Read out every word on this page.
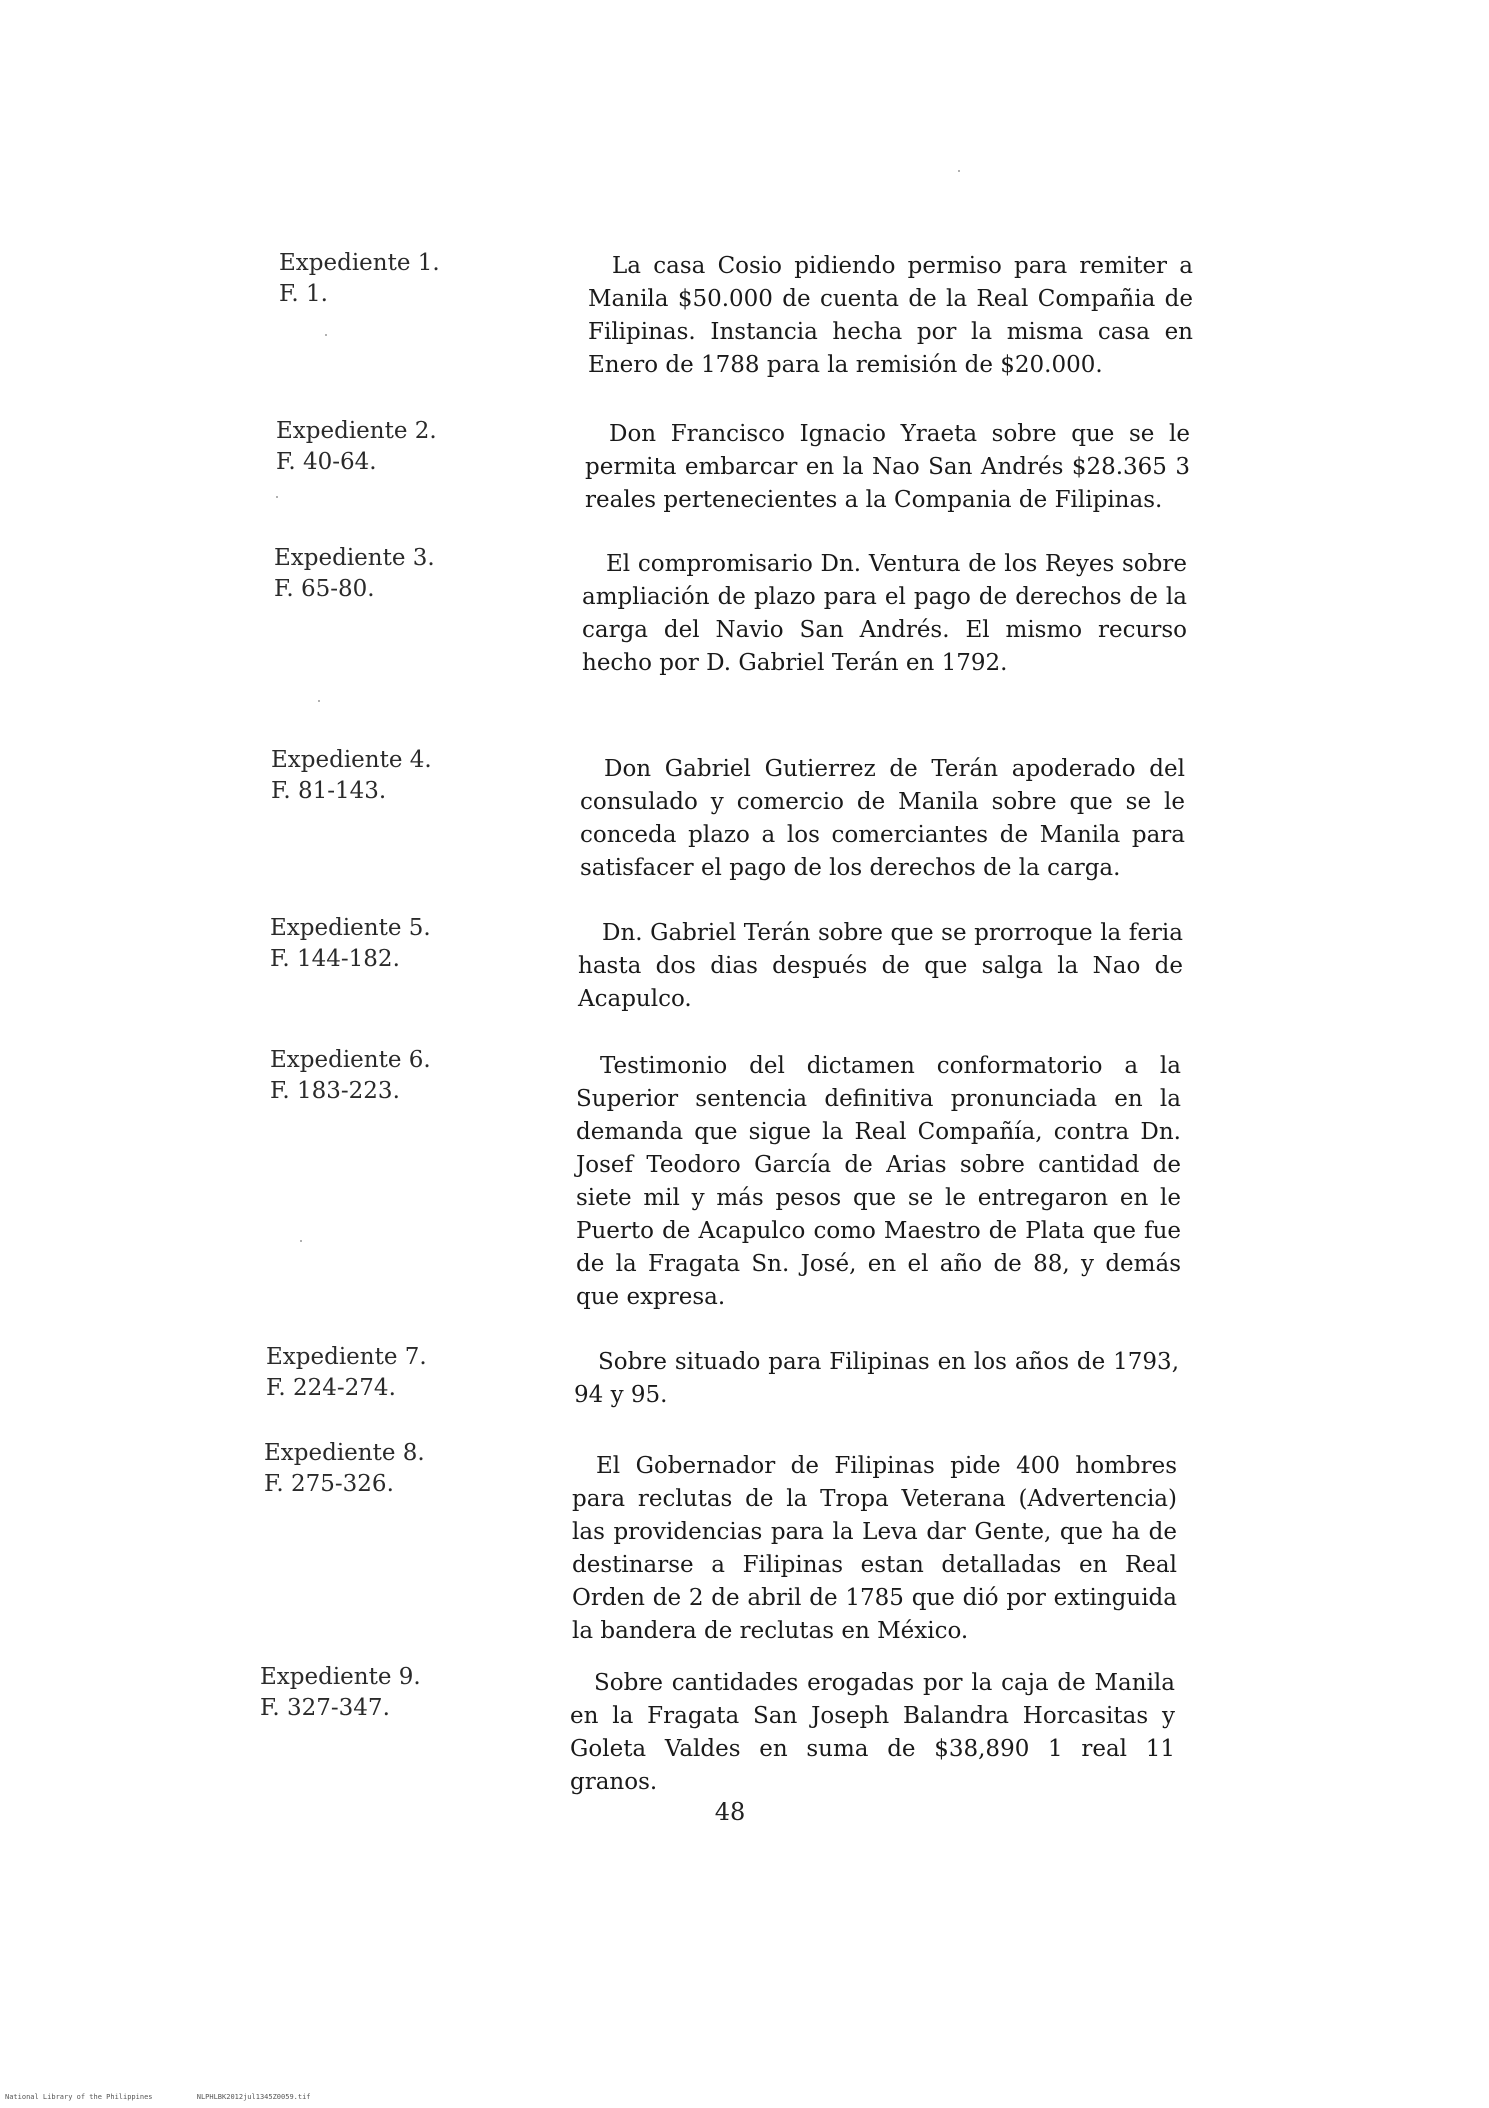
Expediente 1.
F. 1.

La casa Cosio pidiendo permiso para remiter a Manila $50.000 de cuenta de la Real Compañia de Filipinas. Instancia hecha por la misma casa en Enero de 1788 para la remisión de $20.000.

Expediente 2.
F. 40-64.

Don Francisco Ignacio Yraeta sobre que se le permita embarcar en la Nao San Andrés $28.365 3 reales pertenecientes a la Compania de Filipinas.

Expediente 3.
F. 65-80.

El compromisario Dn. Ventura de los Reyes sobre ampliación de plazo para el pago de derechos de la carga del Navio San Andrés. El mismo recurso hecho por D. Gabriel Terán en 1792.

Expediente 4.
F. 81-143.

Don Gabriel Gutierrez de Terán apoderado del consulado y comercio de Manila sobre que se le conceda plazo a los comerciantes de Manila para satisfacer el pago de los derechos de la carga.

Expediente 5.
F. 144-182.

Dn. Gabriel Terán sobre que se prorroque la feria hasta dos dias después de que salga la Nao de Acapulco.

Expediente 6.
F. 183-223.

Testimonio del dictamen conformatorio a la Superior sentencia definitiva pronunciada en la demanda que sigue la Real Compañía, contra Dn. Josef Teodoro García de Arias sobre cantidad de siete mil y más pesos que se le entregaron en le Puerto de Acapulco como Maestro de Plata que fue de la Fragata Sn. José, en el año de 88, y demás que expresa.

Expediente 7.
F. 224-274.

Sobre situado para Filipinas en los años de 1793, 94 y 95.

Expediente 8.
F. 275-326.

El Gobernador de Filipinas pide 400 hombres para reclutas de la Tropa Veterana (Advertencia) las providencias para la Leva dar Gente, que ha de destinarse a Filipinas estan detalladas en Real Orden de 2 de abril de 1785 que dió por extinguida la bandera de reclutas en México.

Expediente 9.
F. 327-347.

Sobre cantidades erogadas por la caja de Manila en la Fragata San Joseph Balandra Horcasitas y Goleta Valdes en suma de $38,890 1 real 11 granos.

48
National Library of the Philippines	NLPHLBK2012jul1345Z0059.tif
